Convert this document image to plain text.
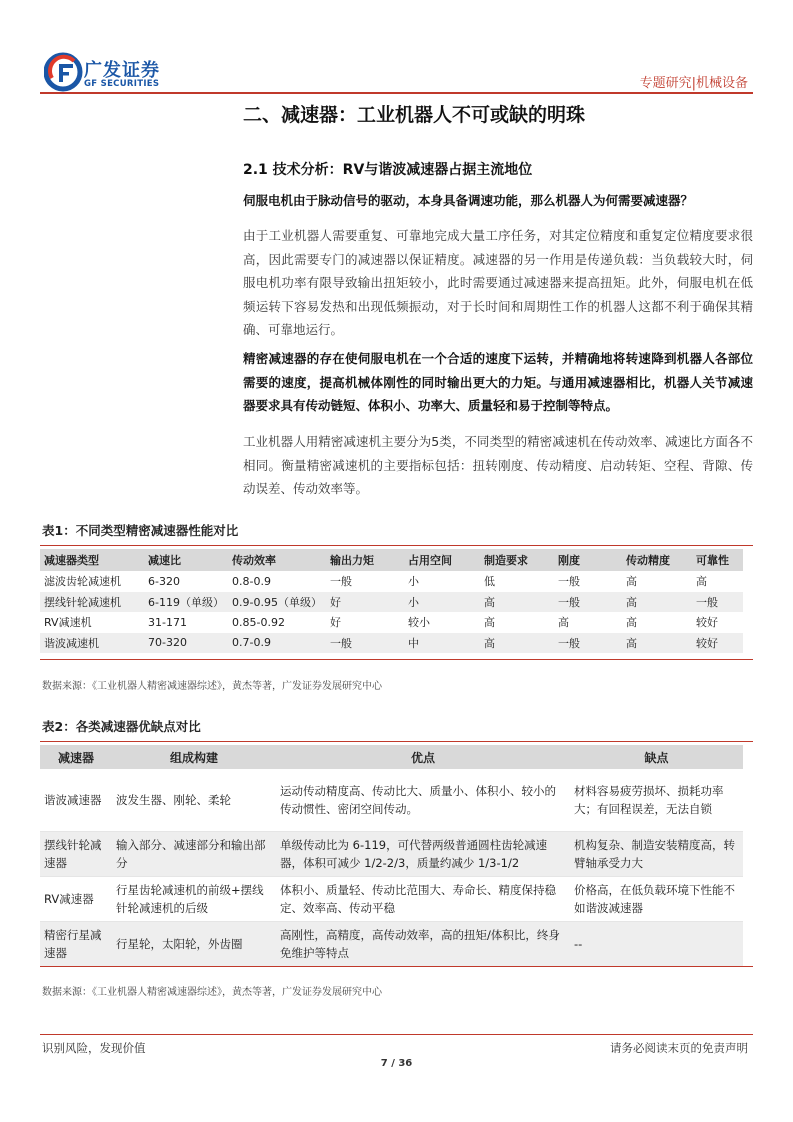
广发证券
GF SECURITIES	专题研究|机械设备
二、减速器：工业机器人不可或缺的明珠
2.1 技术分析：RV与谐波减速器占据主流地位
伺服电机由于脉动信号的驱动，本身具备调速功能，那么机器人为何需要减速器？
由于工业机器人需要重复、可靠地完成大量工序任务，对其定位精度和重复定位精度要求很高，因此需要专门的减速器以保证精度。减速器的另一作用是传递负载：当负载较大时，伺服电机功率有限导致输出扭矩较小，此时需要通过减速器来提高扭矩。此外，伺服电机在低频运转下容易发热和出现低频振动，对于长时间和周期性工作的机器人这都不利于确保其精确、可靠地运行。
精密减速器的存在使伺服电机在一个合适的速度下运转，并精确地将转速降到机器人各部位需要的速度，提高机械体刚性的同时输出更大的力矩。与通用减速器相比，机器人关节减速器要求具有传动链短、体积小、功率大、质量轻和易于控制等特点。
工业机器人用精密减速机主要分为5类，不同类型的精密减速机在传动效率、减速比方面各不相同。衡量精密减速机的主要指标包括：扭转刚度、传动精度、启动转矩、空程、背隙、传动误差、传动效率等。
表1：不同类型精密减速器性能对比
减速器类型	减速比	传动效率	输出力矩	占用空间	制造要求	刚度	传动精度	可靠性
滤波齿轮减速机	6-320	0.8-0.9	一般	小	低	一般	高	高
摆线针轮减速机	6-119（单级）	0.9-0.95（单级）	好	小	高	一般	高	一般
RV减速机	31-171	0.85-0.92	好	较小	高	高	高	较好
谐波减速机	70-320	0.7-0.9	一般	中	高	一般	高	较好
数据来源：《工业机器人精密减速器综述》，黄杰等著，广发证券发展研究中心
表2：各类减速器优缺点对比
减速器	组成构建	优点	缺点
谐波减速器	波发生器、刚轮、柔轮	运动传动精度高、传动比大、质量小、体积小、较小的传动惯性、密闭空间传动。	材料容易疲劳损坏、损耗功率大；有回程误差，无法自锁
摆线针轮减速器	输入部分、减速部分和输出部分	单级传动比为 6-119，可代替两级普通圆柱齿轮减速器，体积可减少 1/2-2/3，质量约减少 1/3-1/2	机构复杂、制造安装精度高，转臂轴承受力大
RV减速器	行星齿轮减速机的前级+摆线针轮减速机的后级	体积小、质量轻、传动比范围大、寿命长、精度保持稳定、效率高、传动平稳	价格高，在低负载环境下性能不如谐波减速器
精密行星减速器	行星轮，太阳轮，外齿圈	高刚性，高精度，高传动效率，高的扭矩/体积比，终身免维护等特点	--
数据来源：《工业机器人精密减速器综述》，黄杰等著，广发证券发展研究中心
识别风险，发现价值	请务必阅读末页的免责声明
7 / 36
